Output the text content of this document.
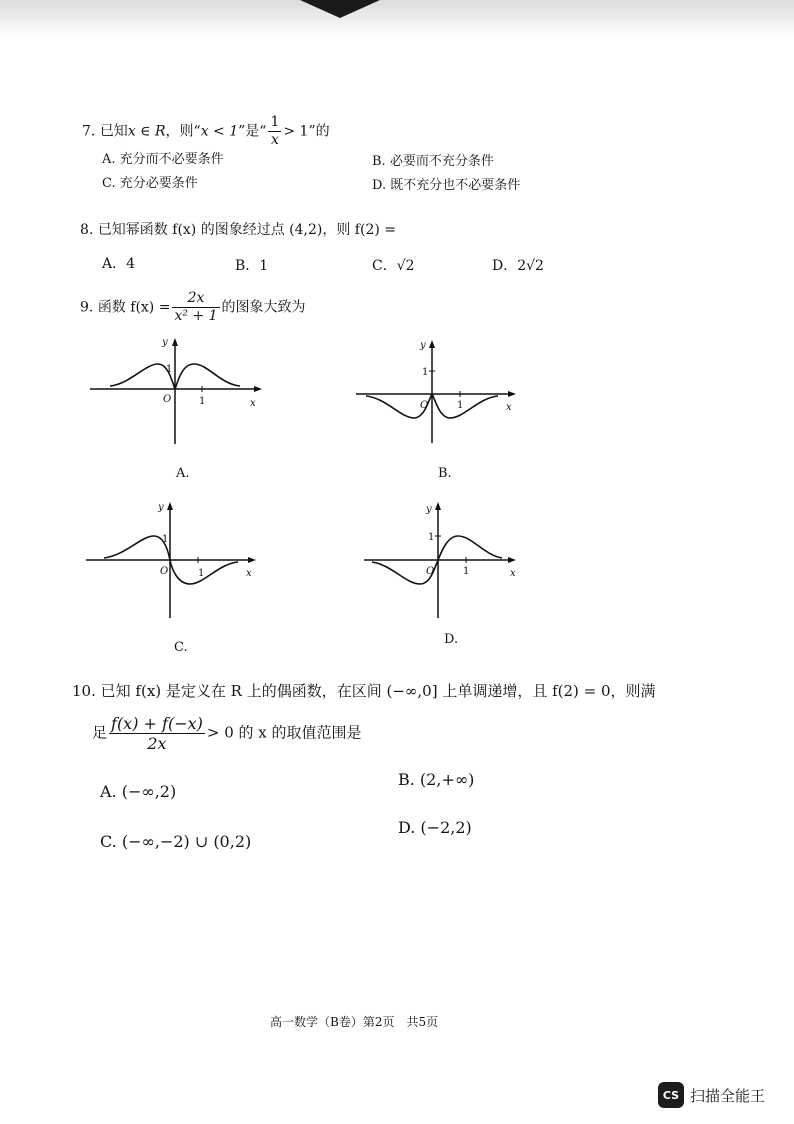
7. 已知x ∈ R，则“x < 1”是“ $\frac{1}{x} > 1$”的
A. 充分而不必要条件	B. 必要而不充分条件
C. 充分必要条件	D. 既不充分也不必要条件
8. 已知幂函数 f(x) 的图象经过点 (4,2)，则 f(2) =
A．4	B．1	C．√2	D．2√2
9. 函数 $f(x) = \frac{2x}{\text{x² + 1}}$ 的图象大致为
y
x
1
1
O
A.
y
x
1
1
O
B.
y
x
1
1
O
C.
y
x
1
1
O
D.
10. 已知 f(x) 是定义在 R 上的偶函数，在区间 (−∞,0] 上单调递增，且 f(2) = 0，则满
足 $\frac{f(x) + f(-x)}{2x} > 0$ 的 x 的取值范围是
A. (−∞,2)
B. (2,+∞)
C. (−∞,−2) ∪ (0,2)
D. (−2,2)
高一数学（B卷）第2页　共5页
CS 扫描全能王
